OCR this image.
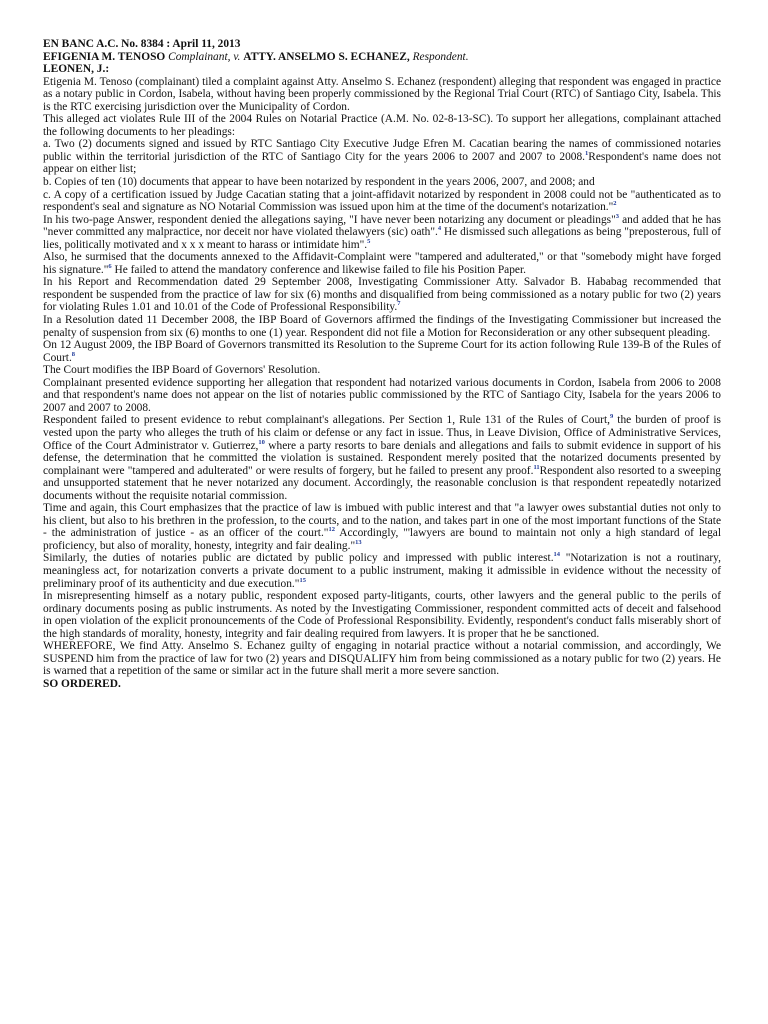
EN BANC A.C. No. 8384 : April 11, 2013

EFIGENIA M. TENOSO Complainant, v. ATTY. ANSELMO S. ECHANEZ, Respondent.

LEONEN, J.:

Etigenia M. Tenoso (complainant) tiled a complaint against Atty. Anselmo S. Echanez (respondent) alleging that respondent was engaged in practice as a notary public in Cordon, Isabela, without having been properly commissioned by the Regional Trial Court (RTC) of Santiago City, Isabela. This is the RTC exercising jurisdiction over the Municipality of Cordon.

This alleged act violates Rule III of the 2004 Rules on Notarial Practice (A.M. No. 02-8-13-SC). To support her allegations, complainant attached the following documents to her pleadings:

a. Two (2) documents signed and issued by RTC Santiago City Executive Judge Efren M. Cacatian bearing the names of commissioned notaries public within the territorial jurisdiction of the RTC of Santiago City for the years 2006 to 2007 and 2007 to 2008.$^1$Respondent's name does not appear on either list;

b. Copies of ten (10) documents that appear to have been notarized by respondent in the years 2006, 2007, and 2008; and

c. A copy of a certification issued by Judge Cacatian stating that a joint-affidavit notarized by respondent in 2008 could not be "authenticated as to respondent's seal and signature as NO Notarial Commission was issued upon him at the time of the document's notarization."$^2$

In his two-page Answer, respondent denied the allegations saying, "I have never been notarizing any document or pleadings"$^3$ and added that he has "never committed any malpractice, nor deceit nor have violated thelawyers (sic) oath".$^4$ He dismissed such allegations as being "preposterous, full of lies, politically motivated and x x x meant to harass or intimidate him".$^5$

Also, he surmised that the documents annexed to the Affidavit-Complaint were "tampered and adulterated," or that "somebody might have forged his signature."$^6$ He failed to attend the mandatory conference and likewise failed to file his Position Paper.

In his Report and Recommendation dated 29 September 2008, Investigating Commissioner Atty. Salvador B. Hababag recommended that respondent be suspended from the practice of law for six (6) months and disqualified from being commissioned as a notary public for two (2) years for violating Rules 1.01 and 10.01 of the Code of Professional Responsibility.$^7$

In a Resolution dated 11 December 2008, the IBP Board of Governors affirmed the findings of the Investigating Commissioner but increased the penalty of suspension from six (6) months to one (1) year. Respondent did not file a Motion for Reconsideration or any other subsequent pleading.

On 12 August 2009, the IBP Board of Governors transmitted its Resolution to the Supreme Court for its action following Rule 139-B of the Rules of Court.$^8$

The Court modifies the IBP Board of Governors' Resolution.

Complainant presented evidence supporting her allegation that respondent had notarized various documents in Cordon, Isabela from 2006 to 2008 and that respondent's name does not appear on the list of notaries public commissioned by the RTC of Santiago City, Isabela for the years 2006 to 2007 and 2007 to 2008.

Respondent failed to present evidence to rebut complainant's allegations. Per Section 1, Rule 131 of the Rules of Court,$^9$ the burden of proof is vested upon the party who alleges the truth of his claim or defense or any fact in issue. Thus, in Leave Division, Office of Administrative Services, Office of the Court Administrator v. Gutierrez,$^{10}$ where a party resorts to bare denials and allegations and fails to submit evidence in support of his defense, the determination that he committed the violation is sustained. Respondent merely posited that the notarized documents presented by complainant were "tampered and adulterated" or were results of forgery, but he failed to present any proof.$^{11}$Respondent also resorted to a sweeping and unsupported statement that he never notarized any document. Accordingly, the reasonable conclusion is that respondent repeatedly notarized documents without the requisite notarial commission.

Time and again, this Court emphasizes that the practice of law is imbued with public interest and that "a lawyer owes substantial duties not only to his client, but also to his brethren in the profession, to the courts, and to the nation, and takes part in one of the most important functions of the State - the administration of justice - as an officer of the court."$^{12}$ Accordingly, "'lawyers are bound to maintain not only a high standard of legal proficiency, but also of morality, honesty, integrity and fair dealing."$^{13}$

Similarly, the duties of notaries public are dictated by public policy and impressed with public interest.$^{14}$ "Notarization is not a routinary, meaningless act, for notarization converts a private document to a public instrument, making it admissible in evidence without the necessity of preliminary proof of its authenticity and due execution."$^{15}$

In misrepresenting himself as a notary public, respondent exposed party-litigants, courts, other lawyers and the general public to the perils of ordinary documents posing as public instruments. As noted by the Investigating Commissioner, respondent committed acts of deceit and falsehood in open violation of the explicit pronouncements of the Code of Professional Responsibility. Evidently, respondent's conduct falls miserably short of the high standards of morality, honesty, integrity and fair dealing required from lawyers. It is proper that he be sanctioned.

WHEREFORE, We find Atty. Anselmo S. Echanez guilty of engaging in notarial practice without a notarial commission, and accordingly, We SUSPEND him from the practice of law for two (2) years and DISQUALIFY him from being commissioned as a notary public for two (2) years. He is warned that a repetition of the same or similar act in the future shall merit a more severe sanction.

SO ORDERED.
